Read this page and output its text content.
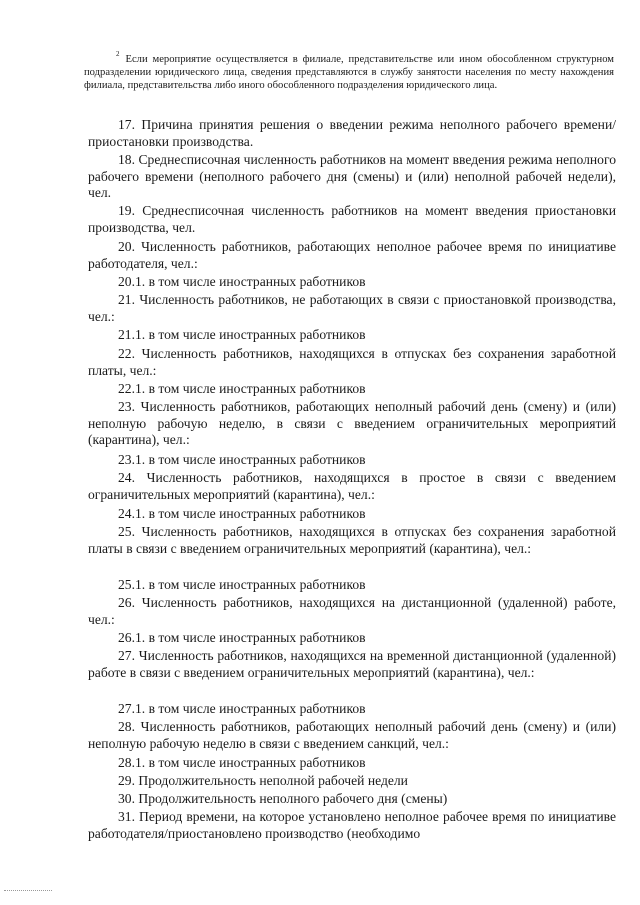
$^2$ Если мероприятие осуществляется в филиале, представительстве или ином обособленном структурном подразделении юридического лица, сведения представляются в службу занятости населения по месту нахождения филиала, представительства либо иного обособленного подразделения юридического лица.
17. Причина принятия решения о введении режима неполного рабочего времени/приостановки производства.
18. Среднесписочная численность работников на момент введения режима неполного рабочего времени (неполного рабочего дня (смены) и (или) неполной рабочей недели), чел.
19. Среднесписочная численность работников на момент введения приостановки производства, чел.
20. Численность работников, работающих неполное рабочее время по инициативе работодателя, чел.:
20.1. в том числе иностранных работников
21. Численность работников, не работающих в связи с приостановкой производства, чел.:
21.1. в том числе иностранных работников
22. Численность работников, находящихся в отпусках без сохранения заработной платы, чел.:
22.1. в том числе иностранных работников
23. Численность работников, работающих неполный рабочий день (смену) и (или) неполную рабочую неделю, в связи с введением ограничительных мероприятий (карантина), чел.:
23.1. в том числе иностранных работников
24. Численность работников, находящихся в простое в связи с введением ограничительных мероприятий (карантина), чел.:
24.1. в том числе иностранных работников
25. Численность работников, находящихся в отпусках без сохранения заработной платы в связи с введением ограничительных мероприятий (карантина), чел.:
25.1. в том числе иностранных работников
26. Численность работников, находящихся на дистанционной (удаленной) работе, чел.:
26.1. в том числе иностранных работников
27. Численность работников, находящихся на временной дистанционной (удаленной) работе в связи с введением ограничительных мероприятий (карантина), чел.:
27.1. в том числе иностранных работников
28. Численность работников, работающих неполный рабочий день (смену) и (или) неполную рабочую неделю в связи с введением санкций, чел.:
28.1. в том числе иностранных работников
29. Продолжительность неполной рабочей недели
30. Продолжительность неполного рабочего дня (смены)
31. Период времени, на которое установлено неполное рабочее время по инициативе работодателя/приостановлено производство (необходимо
